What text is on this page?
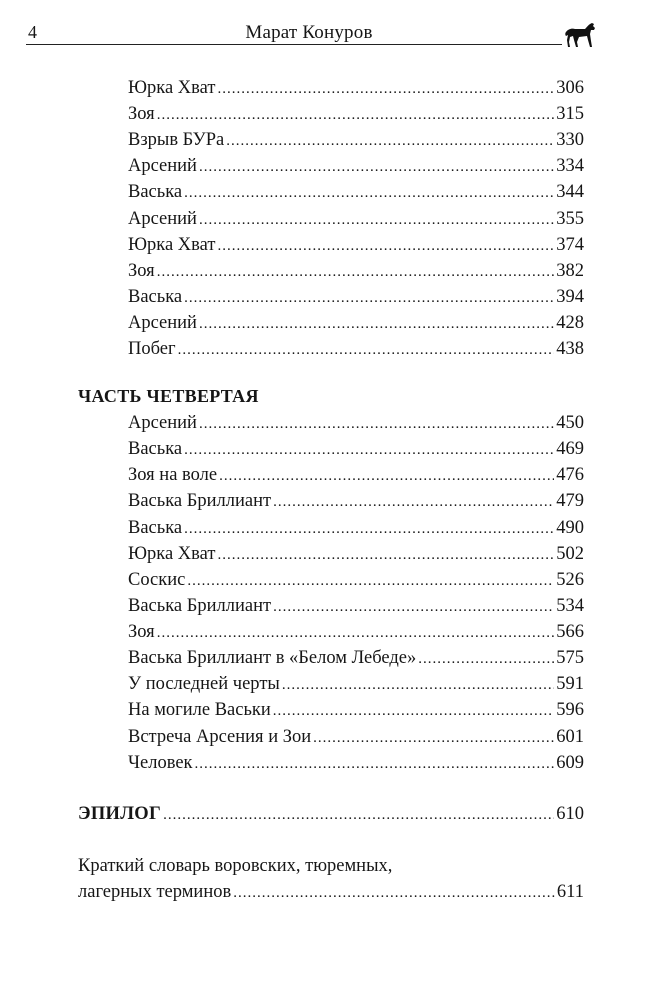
4	Марат Конуров
Юрка Хват .....	306
Зоя .....	315
Взрыв БУРа .....	330
Арсений .....	334
Васька .....	344
Арсений .....	355
Юрка Хват .....	374
Зоя .....	382
Васька .....	394
Арсений .....	428
Побег .....	438
ЧАСТЬ ЧЕТВЕРТАЯ
Арсений .....	450
Васька .....	469
Зоя на воле .....	476
Васька Бриллиант .....	479
Васька .....	490
Юрка Хват .....	502
Соскис .....	526
Васька Бриллиант .....	534
Зоя .....	566
Васька Бриллиант в «Белом Лебеде» .....	575
У последней черты .....	591
На могиле Васьки .....	596
Встреча Арсения и Зои .....	601
Человек .....	609
ЭПИЛОГ .....	610
Краткий словарь воровских, тюремных,
лагерных терминов .....	611
